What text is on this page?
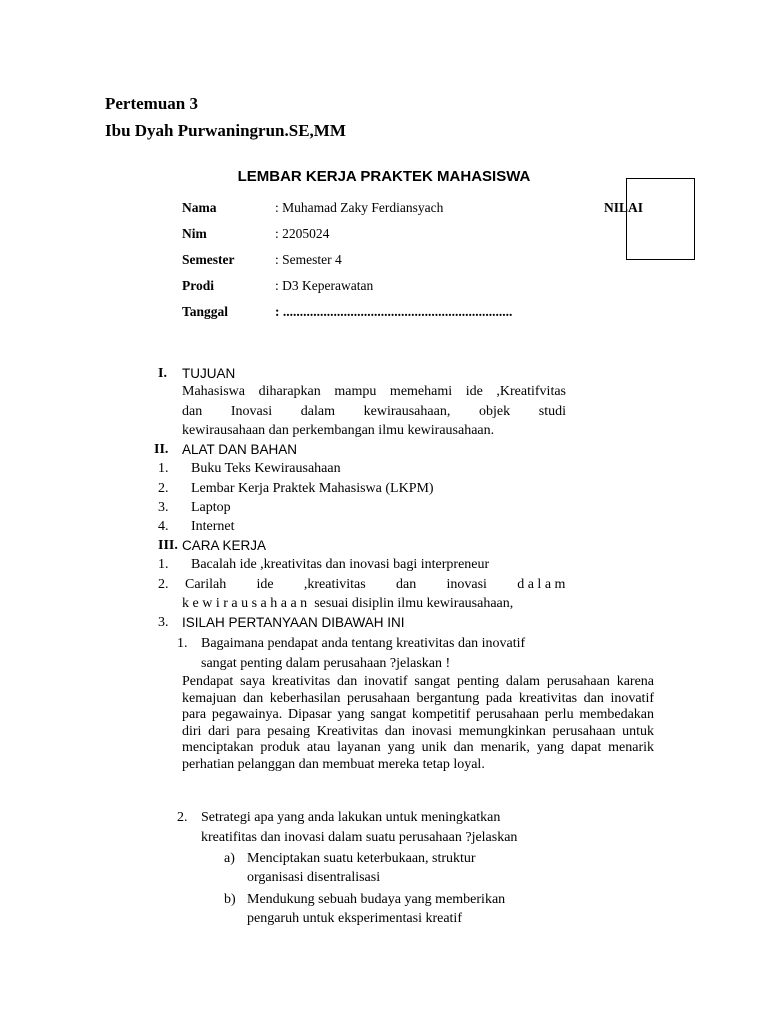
Pertemuan 3
Ibu Dyah Purwaningrun.SE,MM
LEMBAR KERJA PRAKTEK MAHASISWA
Nama	: Muhamad Zaky Ferdiansyach
Nim	: 2205024
Semester	: Semester 4
Prodi	: D3 Keperawatan
Tanggal	: ....................................................................
NILAI
I. TUJUAN
Mahasiswa diharapkan mampu memehami ide ,Kreatifvitas
dan Inovasi dalam kewirausahaan, objek studi
kewirausahaan dan perkembangan ilmu kewirausahaan.
II. ALAT DAN BAHAN
1. Buku Teks Kewirausahaan
2. Lembar Kerja Praktek Mahasiswa (LKPM)
3. Laptop
4. Internet
III. CARA KERJA
1. Bacalah ide ,kreativitas dan inovasi bagi interpreneur
2. Carilah ide ,kreativitas dan inovasi dalam
kewirausahaan sesuai disiplin ilmu kewirausahaan,
3. ISILAH PERTANYAAN DIBAWAH INI
1. Bagaimana pendapat anda tentang kreativitas dan inovatif
sangat penting dalam perusahaan ?jelaskan !
Pendapat saya kreativitas dan inovatif sangat penting dalam perusahaan karena kemajuan dan keberhasilan perusahaan bergantung pada kreativitas dan inovatif para pegawainya. Dipasar yang sangat kompetitif perusahaan perlu membedakan diri dari para pesaing Kreativitas dan inovasi memungkinkan perusahaan untuk menciptakan produk atau layanan yang unik dan menarik, yang dapat menarik perhatian pelanggan dan membuat mereka tetap loyal.
2. Setrategi apa yang anda lakukan untuk meningkatkan
kreatifitas dan inovasi dalam suatu perusahaan ?jelaskan
a) Menciptakan suatu keterbukaan, struktur
organisasi disentralisasi
b) Mendukung sebuah budaya yang memberikan
pengaruh untuk eksperimentasi kreatif
